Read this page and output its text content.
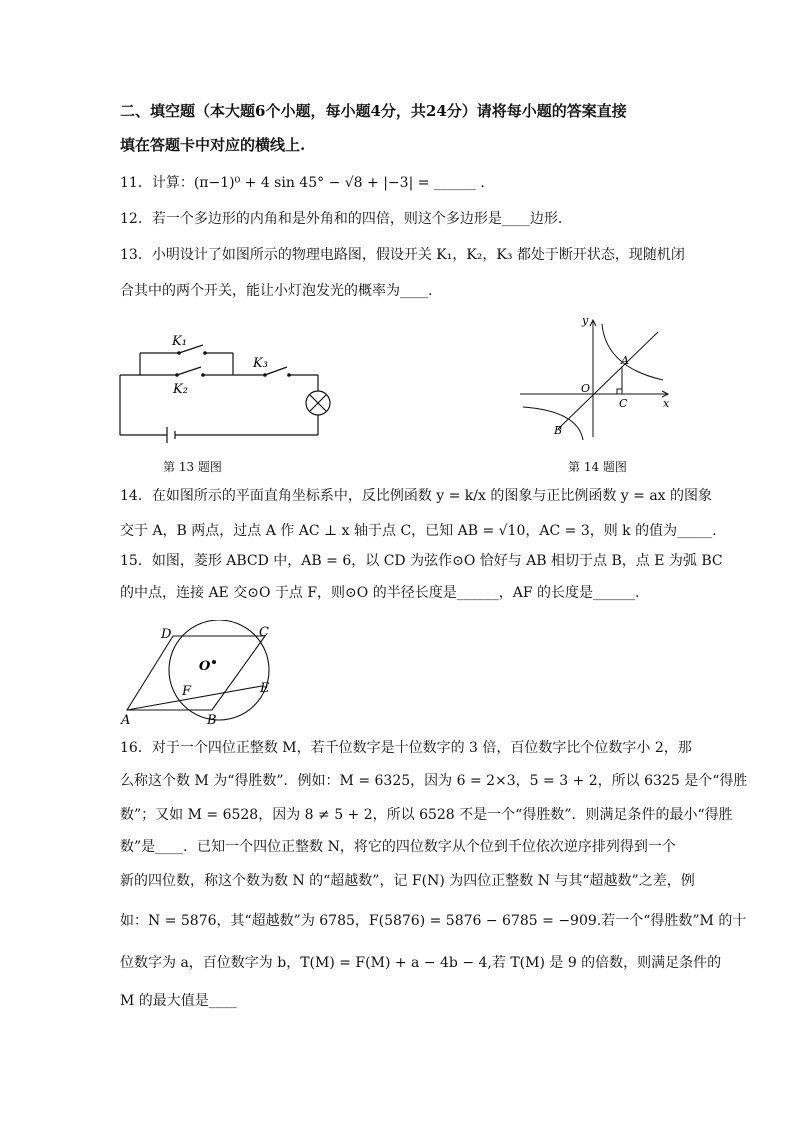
二、填空题（本大题6个小题，每小题4分，共24分）请将每小题的答案直接
填在答题卡中对应的横线上.
11．计算：(π−1)⁰ + 4 sin 45° − √8 + |−3| = ______ .
12．若一个多边形的内角和是外角和的四倍，则这个多边形是____边形.
13．小明设计了如图所示的物理电路图，假设开关 K₁，K₂，K₃ 都处于断开状态，现随机闭
合其中的两个开关，能让小灯泡发光的概率为____.
K₁
K₂
K₃
第 13 题图
y
x
O
A
B
C
第 14 题图
14．在如图所示的平面直角坐标系中，反比例函数 y = k/x 的图象与正比例函数 y = ax 的图象
交于 A，B 两点，过点 A 作 AC ⊥ x 轴于点 C，已知 AB = √10，AC = 3，则 k 的值为_____.
15．如图，菱形 ABCD 中，AB = 6，以 CD 为弦作⊙O 恰好与 AB 相切于点 B，点 E 为弧 BC
的中点，连接 AE 交⊙O 于点 F，则⊙O 的半径长度是______，AF 的长度是______.
D	C
O
F	E
A	B
16．对于一个四位正整数 M，若千位数字是十位数字的 3 倍，百位数字比个位数字小 2，那
么称这个数 M 为“得胜数”．例如：M = 6325，因为 6 = 2×3，5 = 3 + 2，所以 6325 是个“得胜
数”；又如 M = 6528，因为 8 ≠ 5 + 2，所以 6528 不是一个“得胜数”．则满足条件的最小“得胜
数”是____．已知一个四位正整数 N，将它的四位数字从个位到千位依次逆序排列得到一个
新的四位数，称这个数为数 N 的“超越数”，记 F(N) 为四位正整数 N 与其“超越数”之差，例
如：N = 5876，其“超越数”为 6785，F(5876) = 5876 − 6785 = −909.若一个“得胜数”M 的十
位数字为 a，百位数字为 b，T(M) = F(M) + a − 4b − 4,若 T(M) 是 9 的倍数，则满足条件的
M 的最大值是____
